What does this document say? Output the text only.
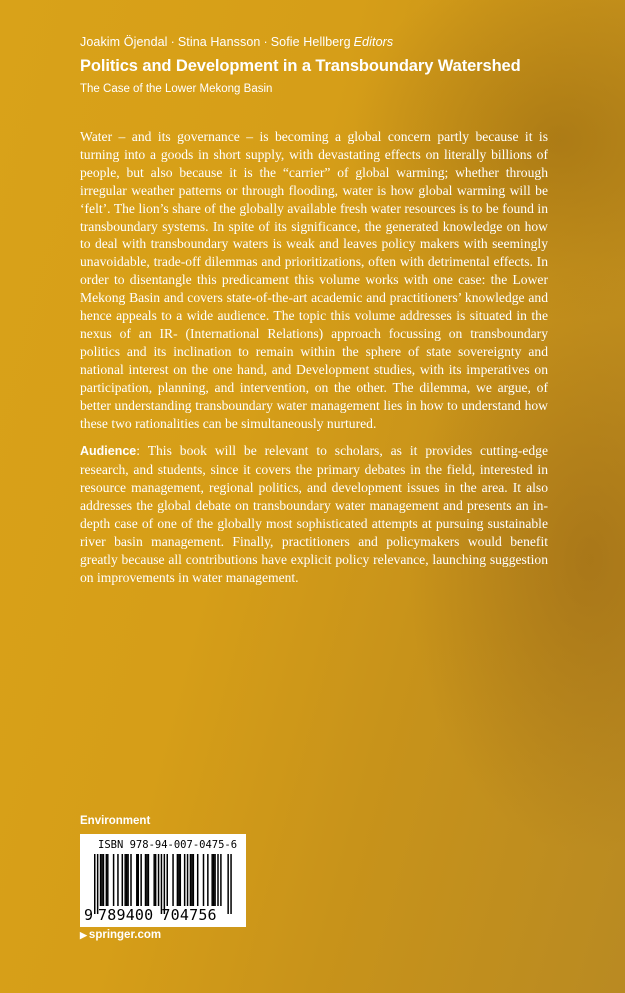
Joakim Öjendal · Stina Hansson · Sofie Hellberg Editors
Politics and Development in a Transboundary Watershed
The Case of the Lower Mekong Basin

Water – and its governance – is becoming a global concern partly because it is turning into a goods in short supply, with devastating effects on literally billions of people, but also because it is the “carrier” of global warming; whether through irregular weather patterns or through flooding, water is how global warming will be ‘felt’. The lion’s share of the globally available fresh water resources is to be found in transboundary systems. In spite of its significance, the generated knowledge on how to deal with transboundary waters is weak and leaves policy makers with seemingly unavoidable, trade-off dilemmas and prioritizations, often with detrimental effects. In order to disentangle this predicament this volume works with one case: the Lower Mekong Basin and covers state-of-the-art academic and practitioners’ knowledge and hence appeals to a wide audience. The topic this volume addresses is situated in the nexus of an IR- (International Relations) approach focussing on transboundary politics and its inclination to remain within the sphere of state sovereignty and national interest on the one hand, and Development studies, with its imperatives on participation, planning, and intervention, on the other. The dilemma, we argue, of better understanding transboundary water management lies in how to understand how these two rationalities can be simultaneously nurtured.

Audience: This book will be relevant to scholars, as it provides cutting-edge research, and students, since it covers the primary debates in the field, interested in resource management, regional politics, and development issues in the area. It also addresses the global debate on transboundary water management and presents an in-depth case of one of the globally most sophisticated attempts at pursuing sustainable river basin management. Finally, practitioners and policymakers would benefit greatly because all contributions have explicit policy relevance, launching suggestion on improvements in water management.

Environment
ISBN 978-94-007-0475-6
9 789400 704756
▶ springer.com
